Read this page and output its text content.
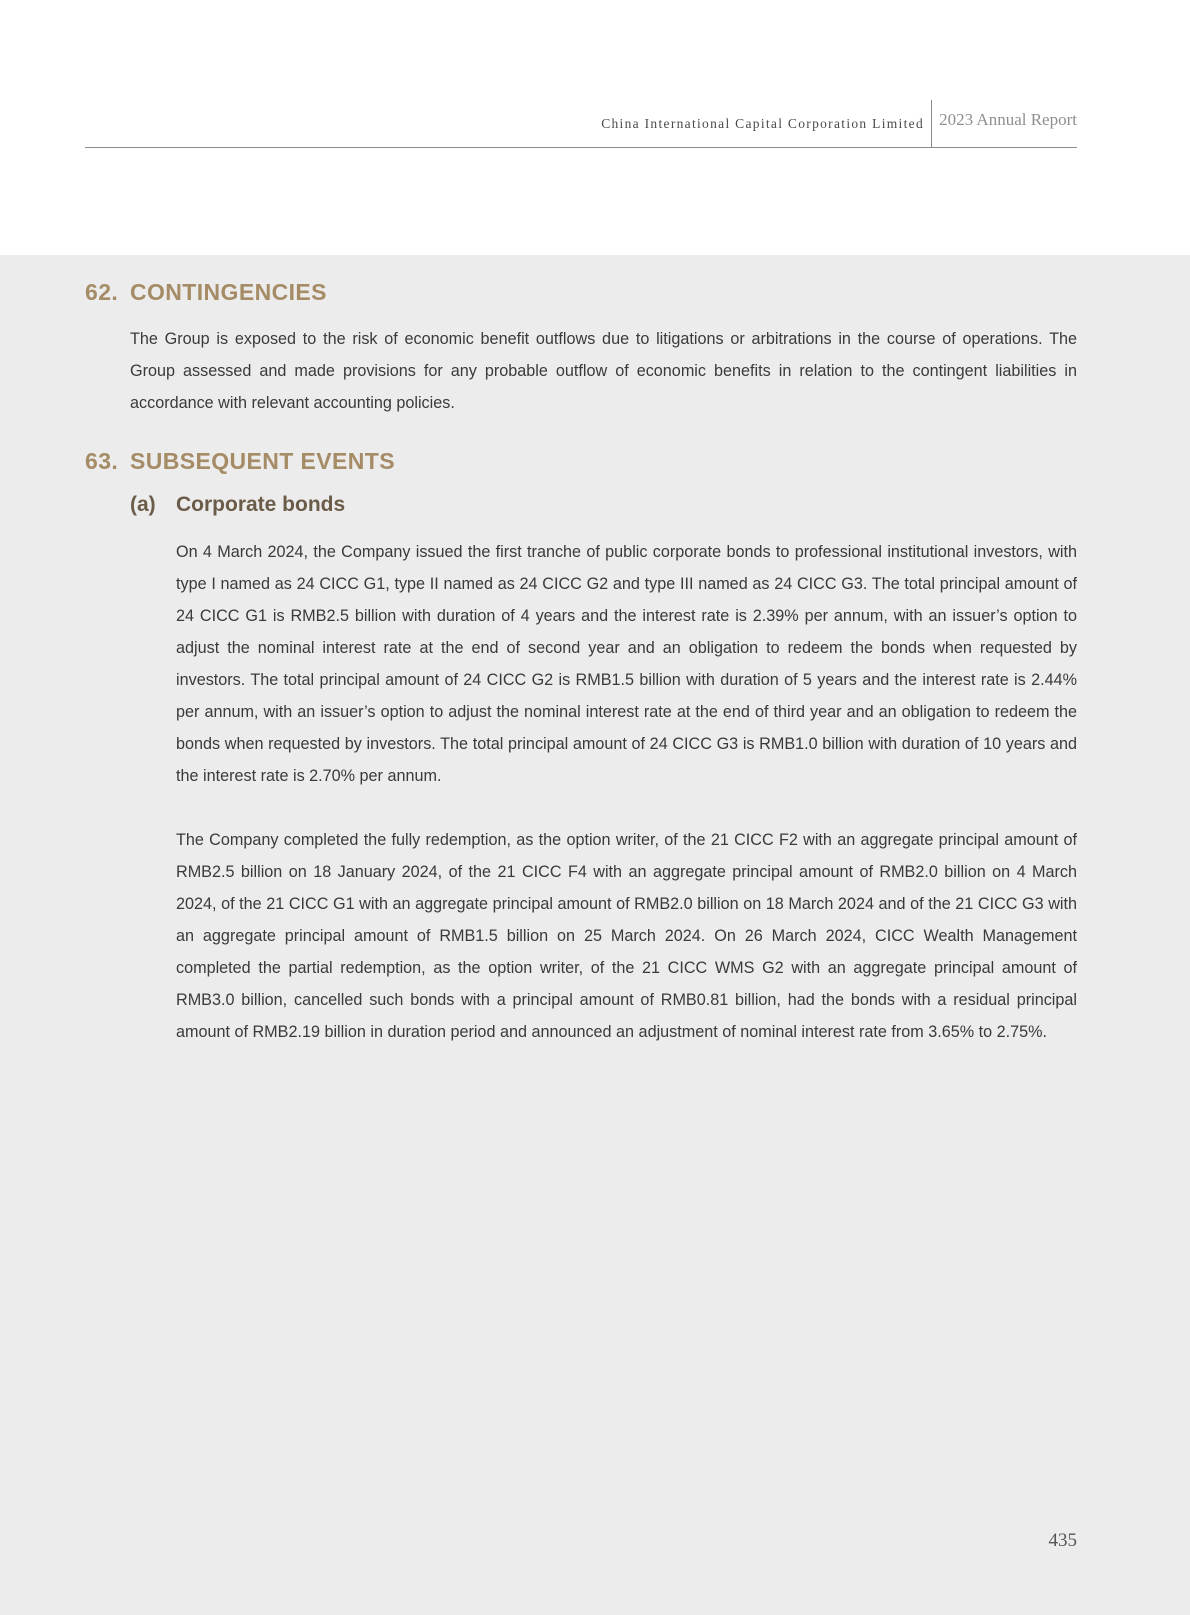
China International Capital Corporation Limited 2023 Annual Report
62. CONTINGENCIES

The Group is exposed to the risk of economic benefit outflows due to litigations or arbitrations in the course of operations. The Group assessed and made provisions for any probable outflow of economic benefits in relation to the contingent liabilities in accordance with relevant accounting policies.

63. SUBSEQUENT EVENTS
(a) Corporate bonds

On 4 March 2024, the Company issued the first tranche of public corporate bonds to professional institutional investors, with type I named as 24 CICC G1, type II named as 24 CICC G2 and type III named as 24 CICC G3. The total principal amount of 24 CICC G1 is RMB2.5 billion with duration of 4 years and the interest rate is 2.39% per annum, with an issuer’s option to adjust the nominal interest rate at the end of second year and an obligation to redeem the bonds when requested by investors. The total principal amount of 24 CICC G2 is RMB1.5 billion with duration of 5 years and the interest rate is 2.44% per annum, with an issuer’s option to adjust the nominal interest rate at the end of third year and an obligation to redeem the bonds when requested by investors. The total principal amount of 24 CICC G3 is RMB1.0 billion with duration of 10 years and the interest rate is 2.70% per annum.

The Company completed the fully redemption, as the option writer, of the 21 CICC F2 with an aggregate principal amount of RMB2.5 billion on 18 January 2024, of the 21 CICC F4 with an aggregate principal amount of RMB2.0 billion on 4 March 2024, of the 21 CICC G1 with an aggregate principal amount of RMB2.0 billion on 18 March 2024 and of the 21 CICC G3 with an aggregate principal amount of RMB1.5 billion on 25 March 2024. On 26 March 2024, CICC Wealth Management completed the partial redemption, as the option writer, of the 21 CICC WMS G2 with an aggregate principal amount of RMB3.0 billion, cancelled such bonds with a principal amount of RMB0.81 billion, had the bonds with a residual principal amount of RMB2.19 billion in duration period and announced an adjustment of nominal interest rate from 3.65% to 2.75%.

435
